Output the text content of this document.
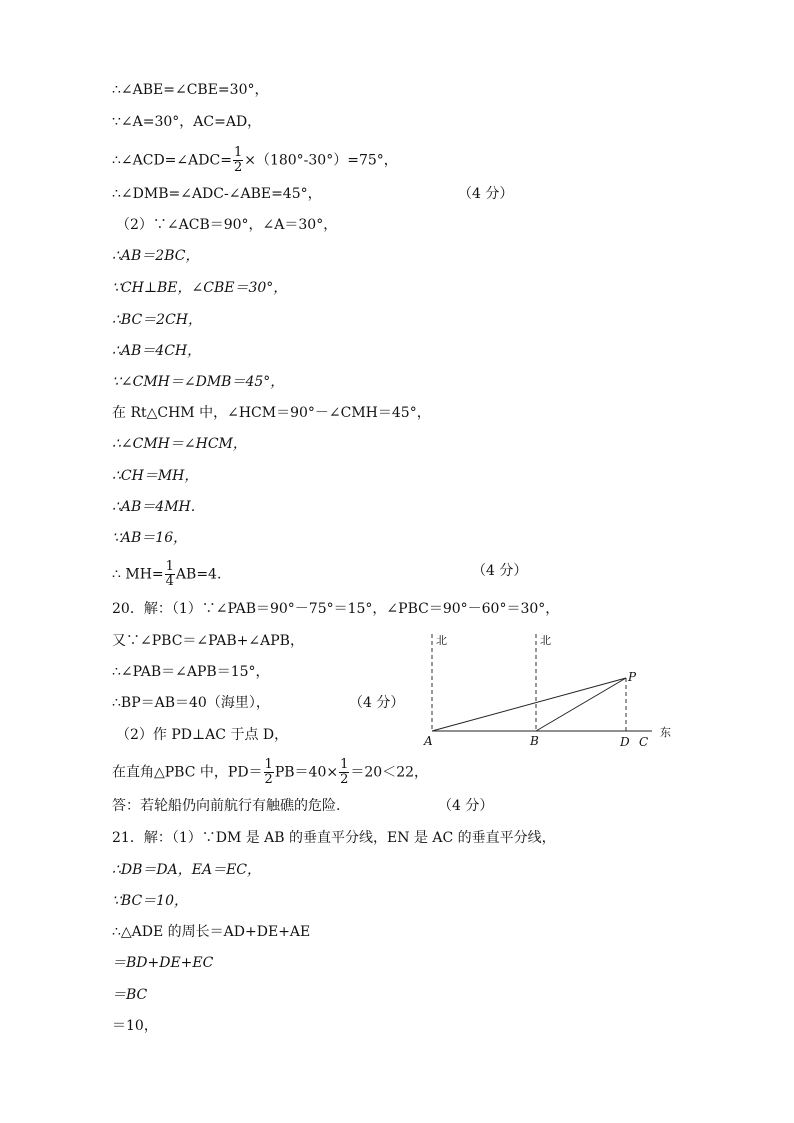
∴∠ABE=∠CBE=30°，
∵∠A=30°，AC=AD，
∴∠ACD=∠ADC= $\frac{1}{2} \times(180^\circ-30^\circ)=75^\circ$，
∴∠DMB=∠ADC-∠ABE=45°，	（4 分）
（2）∵∠ACB＝90°，∠A＝30°，
∴AB＝2BC，
∵CH⊥BE，∠CBE＝30°，
∴BC＝2CH，
∴AB＝4CH，
∵∠CMH＝∠DMB＝45°，
在 Rt△CHM 中，∠HCM＝90°－∠CMH＝45°，
∴∠CMH＝∠HCM，
∴CH＝MH，
∴AB＝4MH.
∵AB＝16，
∴ $MH= \frac{1}{4} AB=4$.	（4 分）
20．解：（1）∵∠PAB＝90°－75°＝15°，∠PBC＝90°－60°＝30°，
又∵∠PBC＝∠PAB+∠APB，
∴∠PAB＝∠APB＝15°，
∴BP＝AB＝40（海里），	（4 分）
（2）作 PD⊥AC 于点 D，
在直角△PBC 中，$PD= \frac{1}{2} PB=40\times \frac{1}{2} =20<22$，
答：若轮船仍向前航行有触礁的危险.	（4 分）
21．解：（1）∵DM 是 AB 的垂直平分线，EN 是 AC 的垂直平分线，
∴DB＝DA，EA＝EC，
∵BC＝10，
∴△ADE 的周长＝AD+DE+AE
＝BD+DE+EC
＝BC
＝10，
北	北
东
A	B	D C
P
